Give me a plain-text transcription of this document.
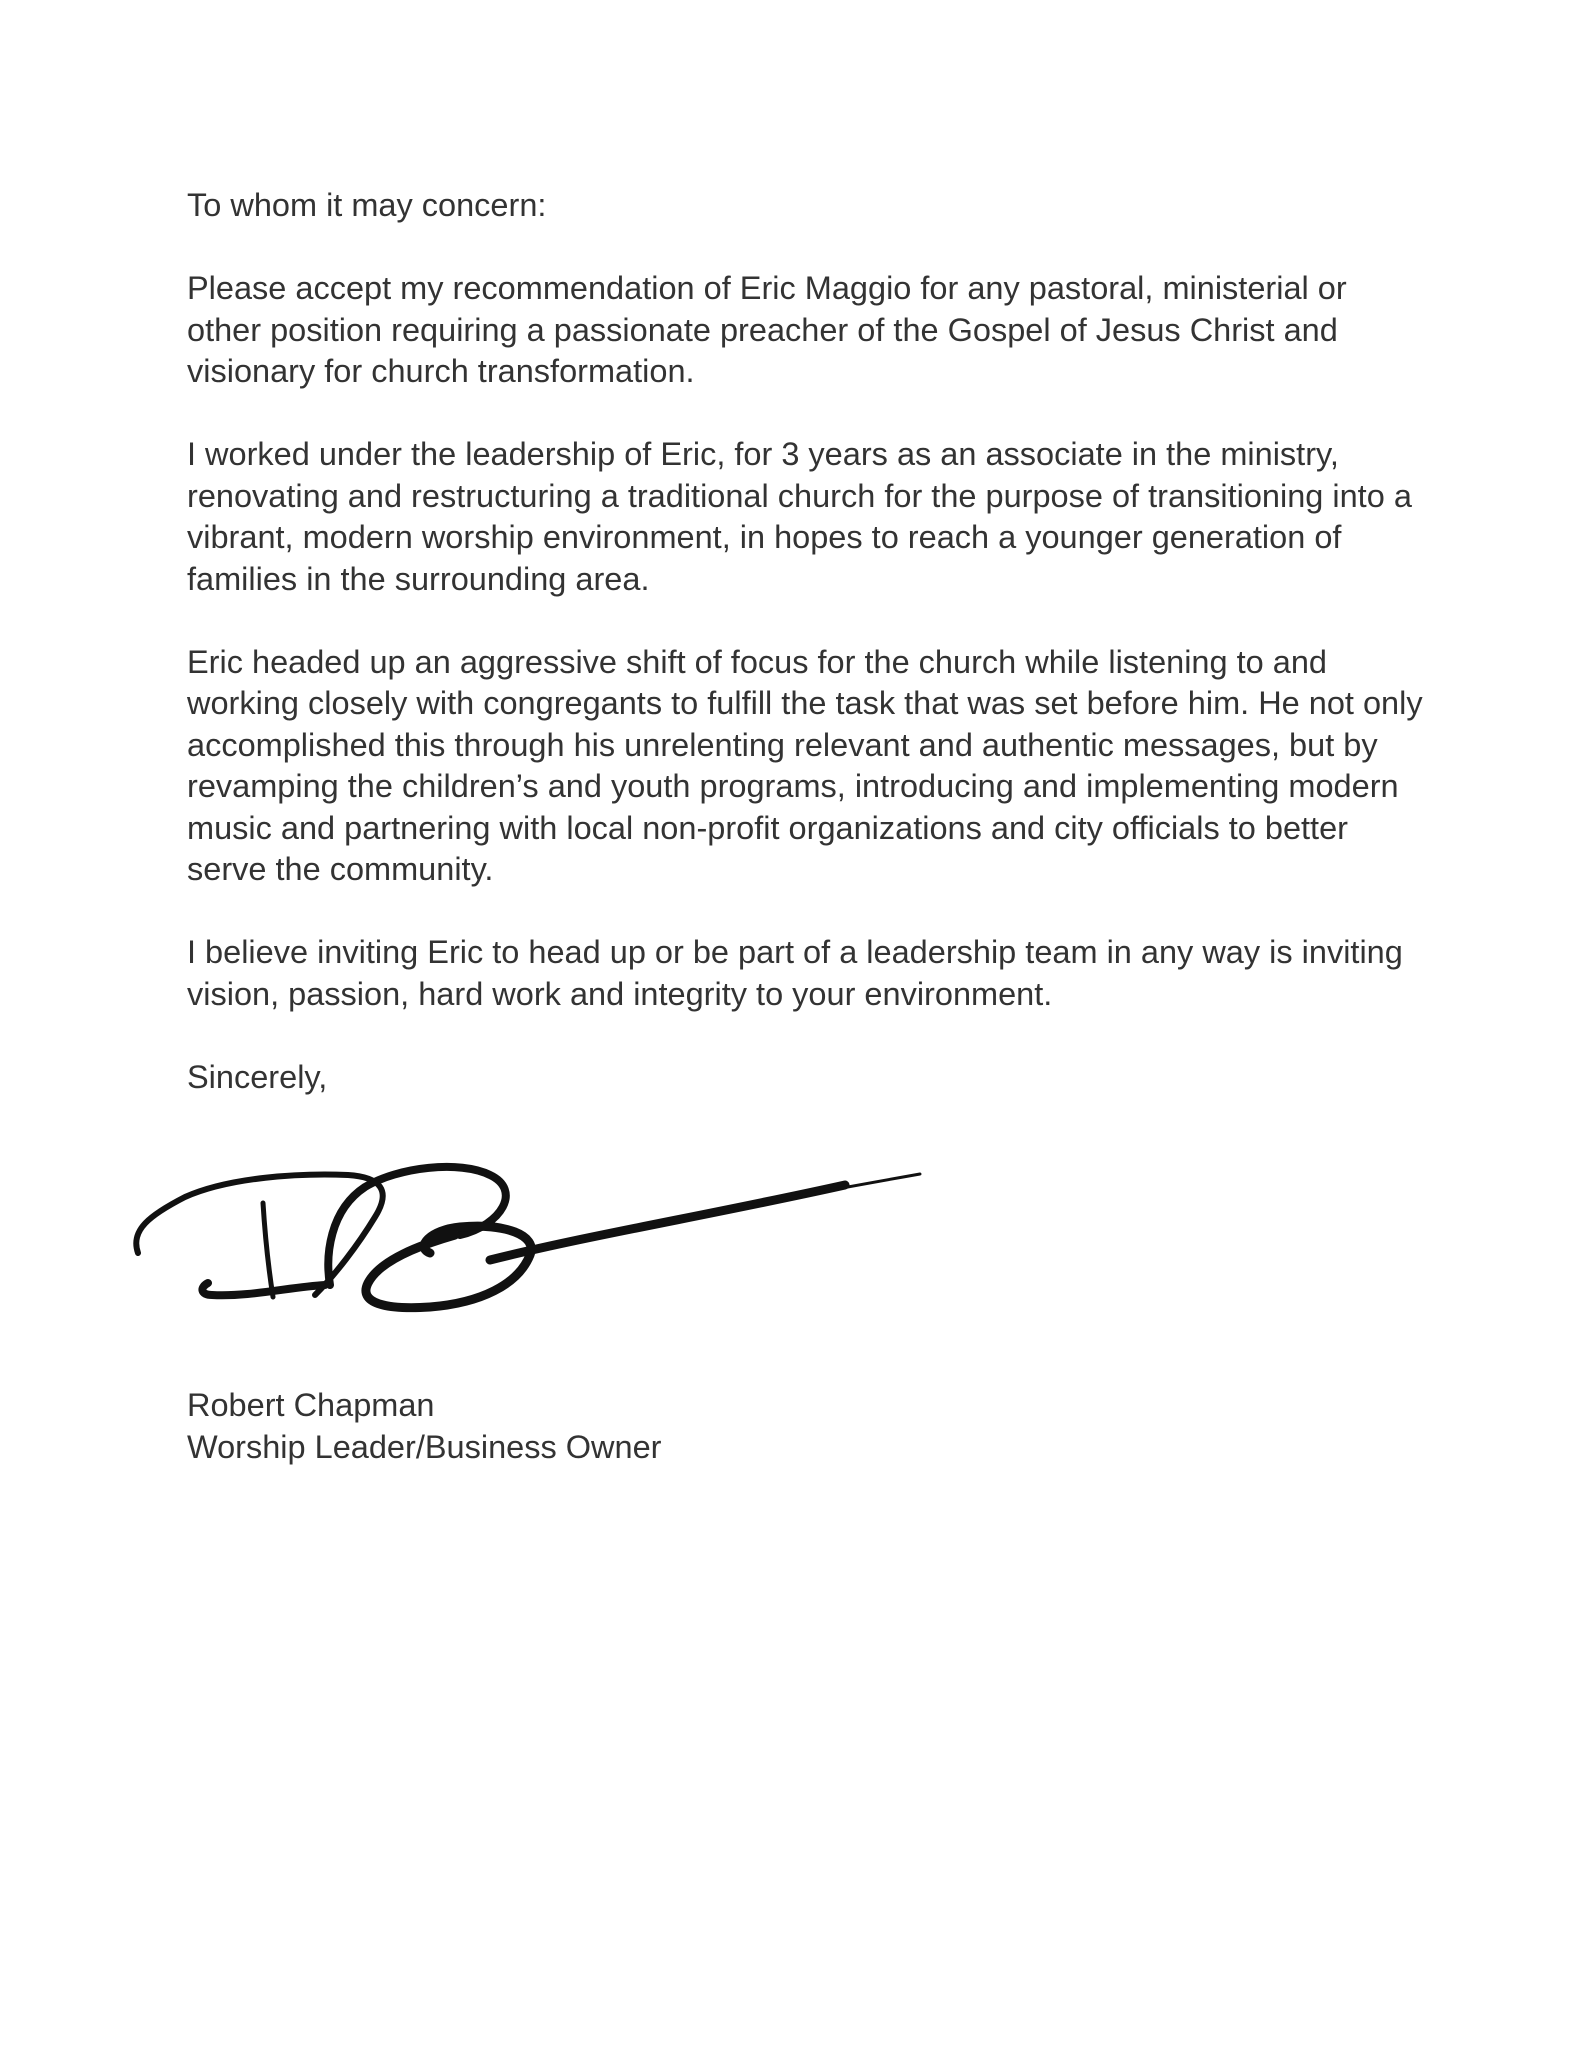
To whom it may concern:

Please accept my recommendation of Eric Maggio for any pastoral, ministerial or other position requiring a passionate preacher of the Gospel of Jesus Christ and visionary for church transformation.

I worked under the leadership of Eric, for 3 years as an associate in the ministry, renovating and restructuring a traditional church for the purpose of transitioning into a vibrant, modern worship environment, in hopes to reach a younger generation of families in the surrounding area.

Eric headed up an aggressive shift of focus for the church while listening to and working closely with congregants to fulfill the task that was set before him. He not only accomplished this through his unrelenting relevant and authentic messages, but by revamping the children’s and youth programs, introducing and implementing modern music and partnering with local non-profit organizations and city officials to better serve the community.

I believe inviting Eric to head up or be part of a leadership team in any way is inviting vision, passion, hard work and integrity to your environment.

Sincerely,

Robert Chapman
Worship Leader/Business Owner
